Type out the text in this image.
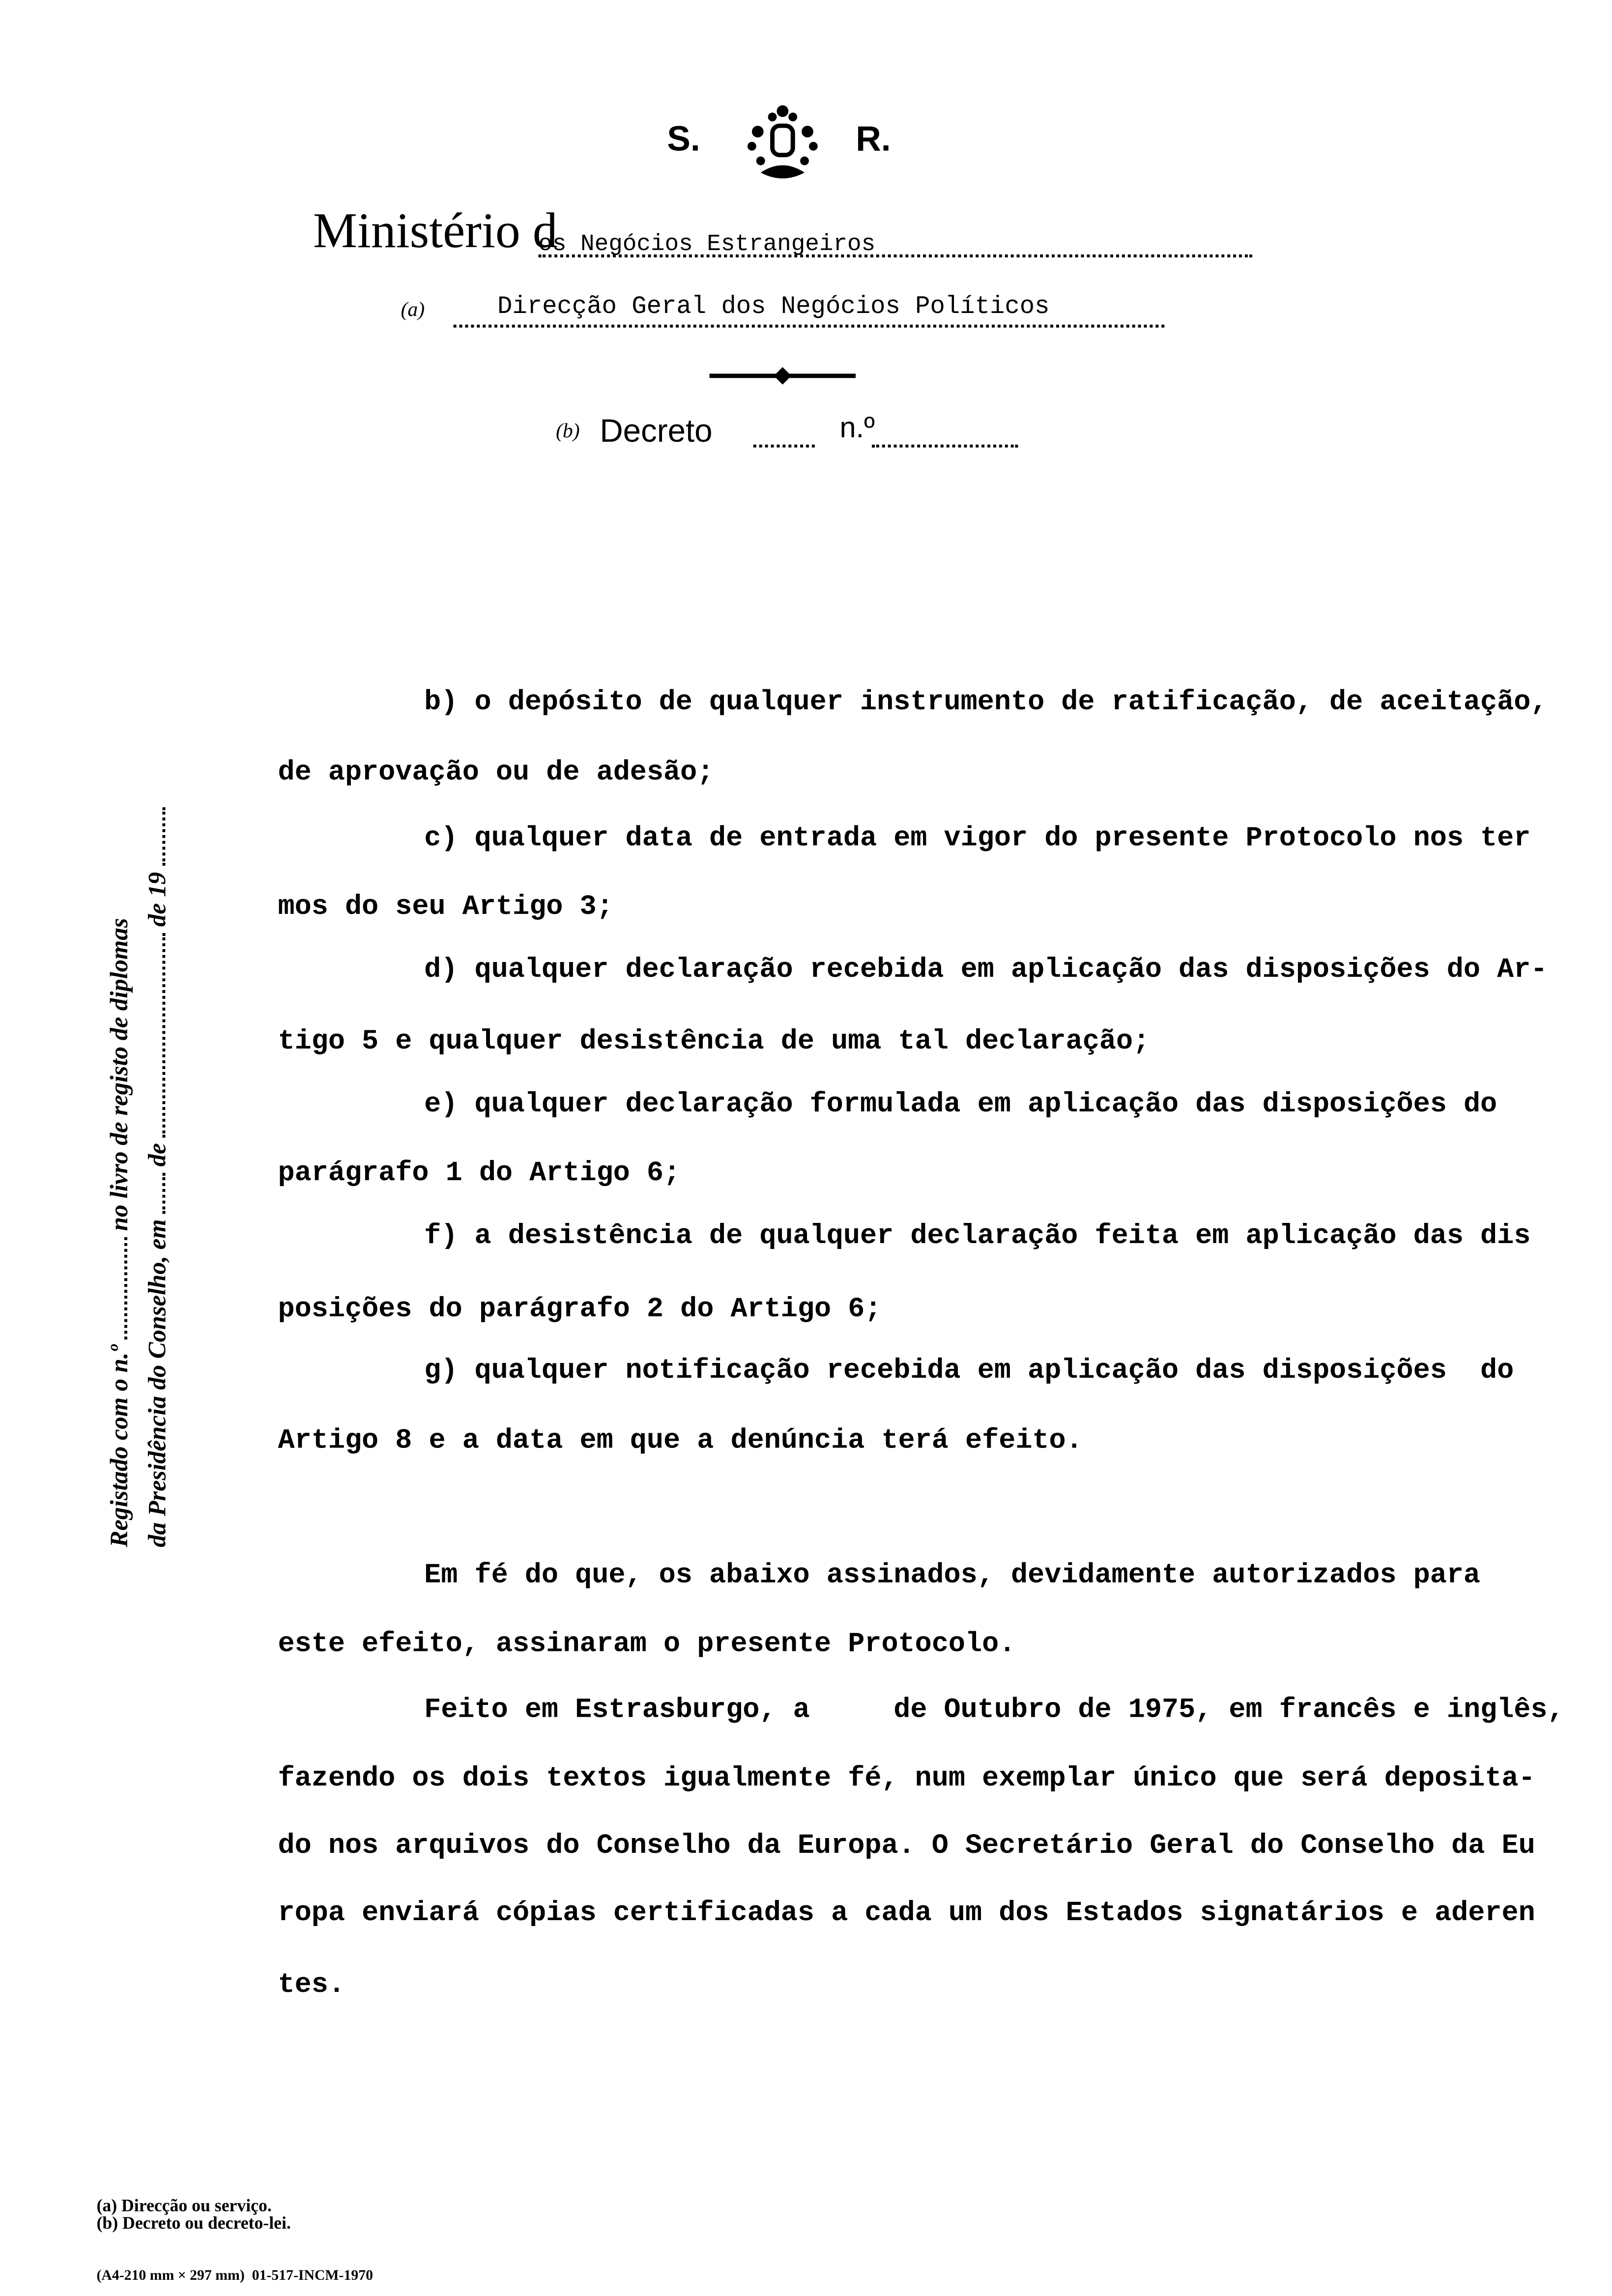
S.	R.
Ministério d
os Negócios Estrangeiros
(a)	Direcção Geral dos Negócios Políticos
(b) Decreto	n.º

Registado com o n.ºno livro de registo de diplomas

da Presidência do Conselho, emdede 19

b) o depósito de qualquer instrumento de ratificação, de aceitação,
de aprovação ou de adesão;
c) qualquer data de entrada em vigor do presente Protocolo nos ter
mos do seu Artigo 3;
d) qualquer declaração recebida em aplicação das disposições do Ar-
tigo 5 e qualquer desistência de uma tal declaração;
e) qualquer declaração formulada em aplicação das disposições do
parágrafo 1 do Artigo 6;
f) a desistência de qualquer declaração feita em aplicação das dis
posições do parágrafo 2 do Artigo 6;
g) qualquer notificação recebida em aplicação das disposições  do
Artigo 8 e a data em que a denúncia terá efeito.
Em fé do que, os abaixo assinados, devidamente autorizados para
este efeito, assinaram o presente Protocolo.
Feito em Estrasburgo, a     de Outubro de 1975, em francês e inglês,
fazendo os dois textos igualmente fé, num exemplar único que será deposita-
do nos arquivos do Conselho da Europa. O Secretário Geral do Conselho da Eu
ropa enviará cópias certificadas a cada um dos Estados signatários e aderen
tes.
(a) Direcção ou serviço.
(b) Decreto ou decreto-lei.
(A4-210 mm × 297 mm)  01-517-INCM-1970
